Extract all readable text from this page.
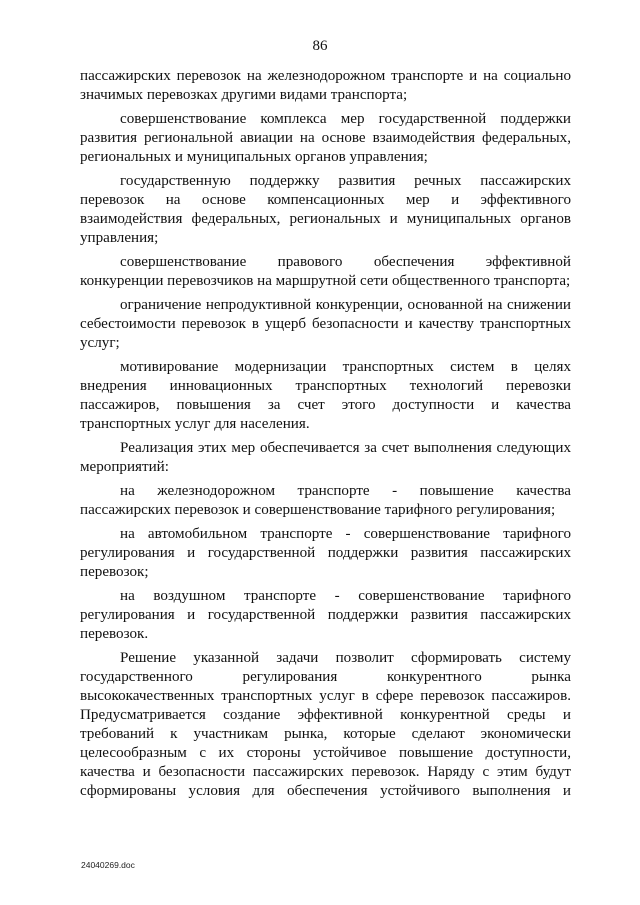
86

пассажирских перевозок на железнодорожном транспорте и на социально значимых перевозках другими видами транспорта;

совершенствование комплекса мер государственной поддержки развития региональной авиации на основе взаимодействия федеральных, региональных и муниципальных органов управления;

государственную поддержку развития речных пассажирских перевозок на основе компенсационных мер и эффективного взаимодействия федеральных, региональных и муниципальных органов управления;

совершенствование правового обеспечения эффективной конкуренции перевозчиков на маршрутной сети общественного транспорта;

ограничение непродуктивной конкуренции, основанной на снижении себестоимости перевозок в ущерб безопасности и качеству транспортных услуг;

мотивирование модернизации транспортных систем в целях внедрения инновационных транспортных технологий перевозки пассажиров, повышения за счет этого доступности и качества транспортных услуг для населения.

Реализация этих мер обеспечивается за счет выполнения следующих мероприятий:

на железнодорожном транспорте - повышение качества пассажирских перевозок и совершенствование тарифного регулирования;

на автомобильном транспорте - совершенствование тарифного регулирования и государственной поддержки развития пассажирских перевозок;

на воздушном транспорте - совершенствование тарифного регулирования и государственной поддержки развития пассажирских перевозок.

Решение указанной задачи позволит сформировать систему государственного регулирования конкурентного рынка высококачественных транспортных услуг в сфере перевозок пассажиров. Предусматривается создание эффективной конкурентной среды и требований к участникам рынка, которые сделают экономически целесообразным с их стороны устойчивое повышение доступности, качества и безопасности пассажирских перевозок. Наряду с этим будут сформированы условия для обеспечения устойчивого выполнения и

24040269.doc
